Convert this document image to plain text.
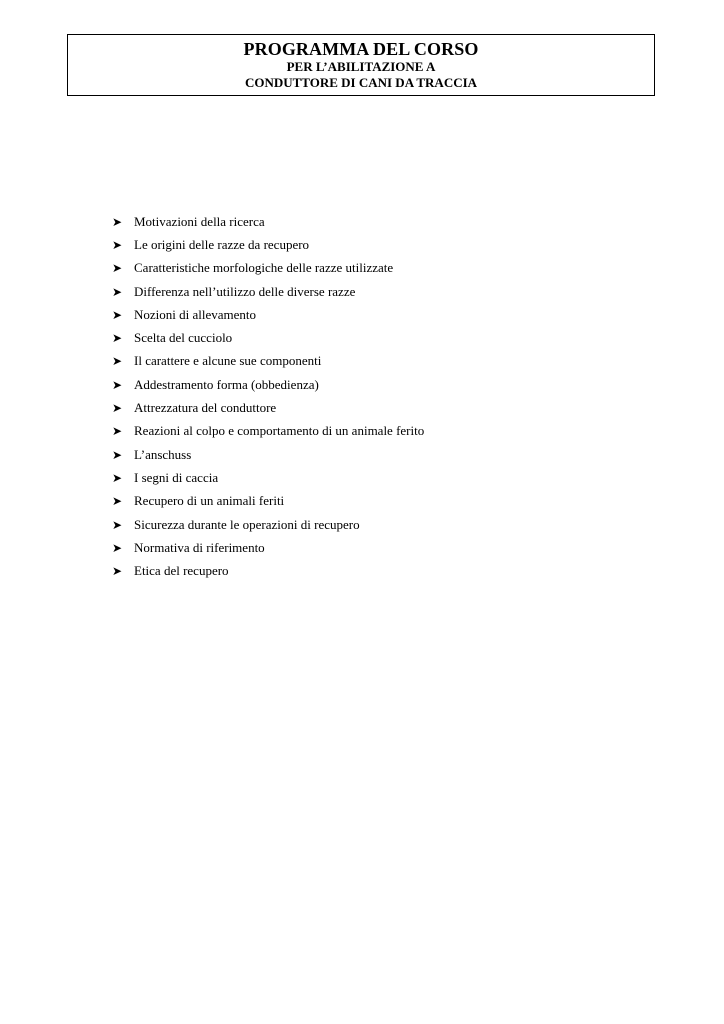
PROGRAMMA DEL CORSO
PER L’ABILITAZIONE A
CONDUTTORE DI CANI DA TRACCIA
➤ Motivazioni della ricerca
➤ Le origini delle razze da recupero
➤ Caratteristiche morfologiche delle razze utilizzate
➤ Differenza nell’utilizzo delle diverse razze
➤ Nozioni di allevamento
➤ Scelta del cucciolo
➤ Il carattere e alcune sue componenti
➤ Addestramento forma (obbedienza)
➤ Attrezzatura del conduttore
➤ Reazioni al colpo e comportamento di un animale ferito
➤ L’anschuss
➤ I segni di caccia
➤ Recupero di un animali feriti
➤ Sicurezza durante le operazioni di recupero
➤ Normativa di riferimento
➤ Etica del recupero
